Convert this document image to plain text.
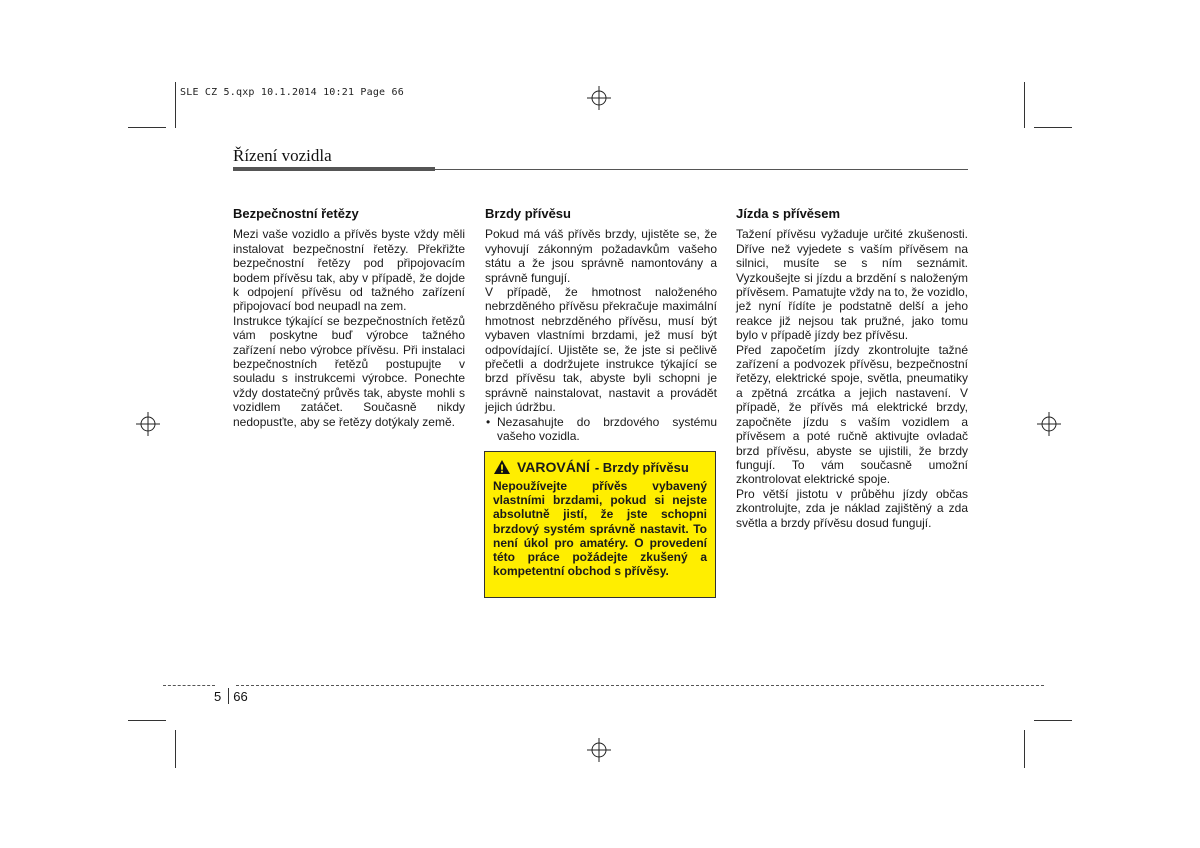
SLE CZ 5.qxp 10.1.2014 10:21 Page 66
Řízení vozidla
Bezpečnostní řetězy

Mezi vaše vozidlo a přívěs byste vždy měli instalovat bezpečnostní řetězy. Překřižte bezpečnostní řetězy pod připojovacím bodem přívěsu tak, aby v případě, že dojde k odpojení přívěsu od tažného zařízení připojovací bod neupadl na zem.

Instrukce týkající se bezpečnostních řetězů vám poskytne buď výrobce tažného zařízení nebo výrobce přívěsu. Při instalaci bezpečnostních řetězů postupujte v souladu s instrukcemi výrobce. Ponechte vždy dostatečný průvěs tak, abyste mohli s vozidlem zatáčet. Současně nikdy nedopusťte, aby se řetězy dotýkaly země.

Brzdy přívěsu

Pokud má váš přívěs brzdy, ujistěte se, že vyhovují zákonným požadavkům vašeho státu a že jsou správně namontovány a správně fungují.

V případě, že hmotnost naloženého nebrzděného přívěsu překračuje maximální hmotnost nebrzděného přívěsu, musí být vybaven vlastními brzdami, jež musí být odpovídající. Ujistěte se, že jste si pečlivě přečetli a dodržujete instrukce týkající se brzd přívěsu tak, abyste byli schopni je správně nainstalovat, nastavit a provádět jejich údržbu.

• Nezasahujte do brzdového systému vašeho vozidla.
VAROVÁNÍ - Brzdy přívěsu
Nepoužívejte přívěs vybavený vlastními brzdami, pokud si nejste absolutně jistí, že jste schopni brzdový systém správně nastavit. To není úkol pro amatéry. O provedení této práce požádejte zkušený a kompetentní obchod s přívěsy.
Jízda s přívěsem

Tažení přívěsu vyžaduje určité zkušenosti. Dříve než vyjedete s vaším přívěsem na silnici, musíte se s ním seznámit. Vyzkoušejte si jízdu a brzdění s naloženým přívěsem. Pamatujte vždy na to, že vozidlo, jež nyní řídíte je podstatně delší a jeho reakce již nejsou tak pružné, jako tomu bylo v případě jízdy bez přívěsu.

Před započetím jízdy zkontrolujte tažné zařízení a podvozek přívěsu, bezpečnostní řetězy, elektrické spoje, světla, pneumatiky a zpětná zrcátka a jejich nastavení. V případě, že přívěs má elektrické brzdy, započněte jízdu s vaším vozidlem a přívěsem a poté ručně aktivujte ovladač brzd přívěsu, abyste se ujistili, že brzdy fungují. To vám současně umožní zkontrolovat elektrické spoje.

Pro větší jistotu v průběhu jízdy občas zkontrolujte, zda je náklad zajištěný a zda světla a brzdy přívěsu dosud fungují.

5 66
